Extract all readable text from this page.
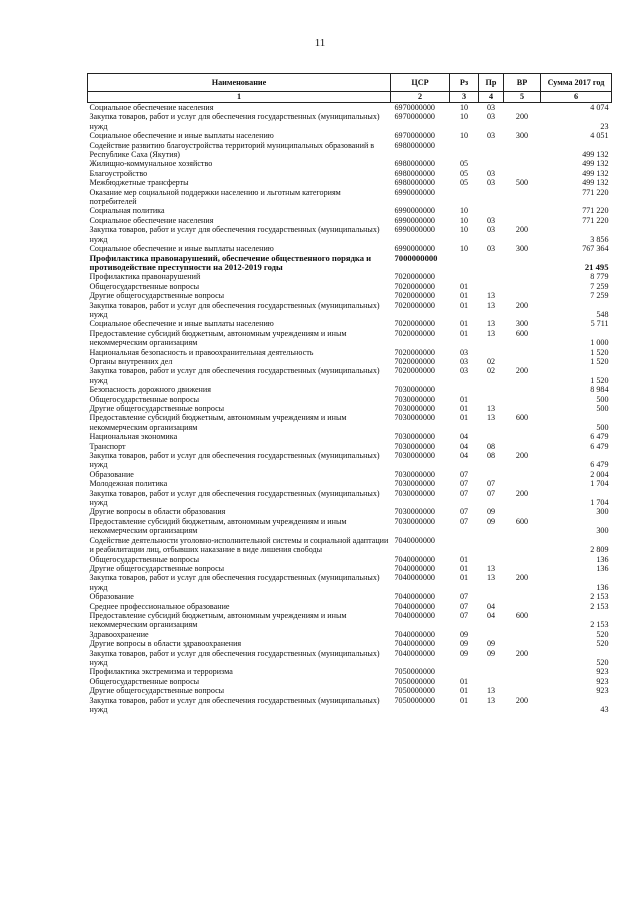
11
Наименование	ЦСР	Рз	Пр	ВР	Сумма 2017 год
1	2	3	4	5	6
Социальное обеспечение населения	6970000000	10	03		4 074
Закупка товаров, работ и услуг для обеспечения государственных (муниципальных) нужд	6970000000	10	03	200	23
Социальное обеспечение и иные выплаты населению	6970000000	10	03	300	4 051
Содействие развитию благоустройства территорий муниципальных образований в Республике Саха (Якутия)	6980000000				499 132
Жилищно-коммунальное хозяйство	6980000000	05			499 132
Благоустройство	6980000000	05	03		499 132
Межбюджетные трансферты	6980000000	05	03	500	499 132
Оказание мер социальной поддержки населению и льготным категориям потребителей	6990000000				771 220
Социальная политика	6990000000	10			771 220
Социальное обеспечение населения	6990000000	10	03		771 220
Закупка товаров, работ и услуг для обеспечения государственных (муниципальных) нужд	6990000000	10	03	200	3 856
Социальное обеспечение и иные выплаты населению	6990000000	10	03	300	767 364
Профилактика правонарушений, обеспечение общественного порядка и противодействие преступности на 2012-2019 годы	7000000000				21 495
Профилактика правонарушений	7020000000				8 779
Общегосударственные вопросы	7020000000	01			7 259
Другие общегосударственные вопросы	7020000000	01	13		7 259
Закупка товаров, работ и услуг для обеспечения государственных (муниципальных) нужд	7020000000	01	13	200	548
Социальное обеспечение и иные выплаты населению	7020000000	01	13	300	5 711
Предоставление субсидий бюджетным, автономным учреждениям и иным некоммерческим организациям	7020000000	01	13	600	1 000
Национальная безопасность и правоохранительная деятельность	7020000000	03			1 520
Органы внутренних дел	7020000000	03	02		1 520
Закупка товаров, работ и услуг для обеспечения государственных (муниципальных) нужд	7020000000	03	02	200	1 520
Безопасность дорожного движения	7030000000				8 984
Общегосударственные вопросы	7030000000	01			500
Другие общегосударственные вопросы	7030000000	01	13		500
Предоставление субсидий бюджетным, автономным учреждениям и иным некоммерческим организациям	7030000000	01	13	600	500
Национальная экономика	7030000000	04			6 479
Транспорт	7030000000	04	08		6 479
Закупка товаров, работ и услуг для обеспечения государственных (муниципальных) нужд	7030000000	04	08	200	6 479
Образование	7030000000	07			2 004
Молодежная политика	7030000000	07	07		1 704
Закупка товаров, работ и услуг для обеспечения государственных (муниципальных) нужд	7030000000	07	07	200	1 704
Другие вопросы в области образования	7030000000	07	09		300
Предоставление субсидий бюджетным, автономным учреждениям и иным некоммерческим организациям	7030000000	07	09	600	300
Содействие деятельности уголовно-исполнительной системы и социальной адаптации и реабилитации лиц, отбывших наказание в виде лишения свободы	7040000000				2 809
Общегосударственные вопросы	7040000000	01			136
Другие общегосударственные вопросы	7040000000	01	13		136
Закупка товаров, работ и услуг для обеспечения государственных (муниципальных) нужд	7040000000	01	13	200	136
Образование	7040000000	07			2 153
Среднее профессиональное образование	7040000000	07	04		2 153
Предоставление субсидий бюджетным, автономным учреждениям и иным некоммерческим организациям	7040000000	07	04	600	2 153
Здравоохранение	7040000000	09			520
Другие вопросы в области здравоохранения	7040000000	09	09		520
Закупка товаров, работ и услуг для обеспечения государственных (муниципальных) нужд	7040000000	09	09	200	520
Профилактика экстремизма и терроризма	7050000000				923
Общегосударственные вопросы	7050000000	01			923
Другие общегосударственные вопросы	7050000000	01	13		923
Закупка товаров, работ и услуг для обеспечения государственных (муниципальных) нужд	7050000000	01	13	200	43
